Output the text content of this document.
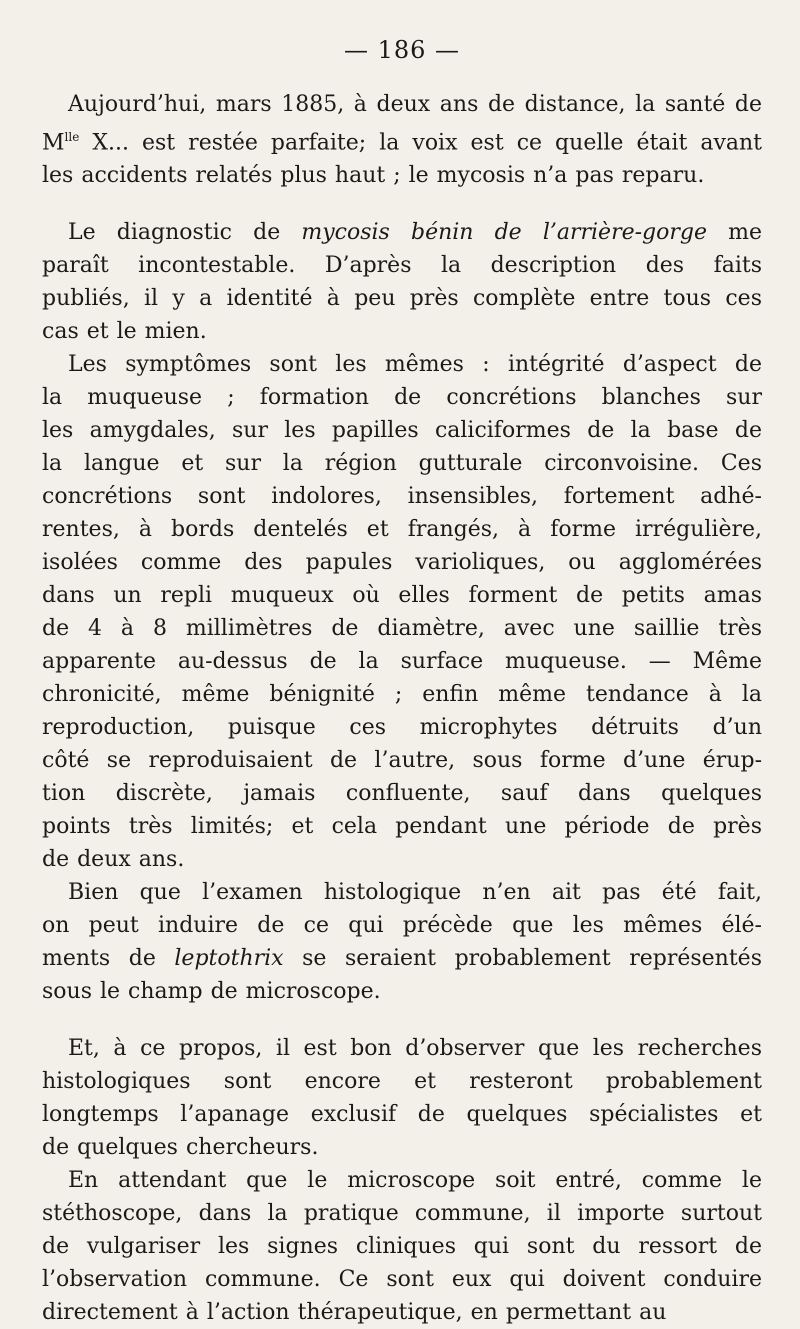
— 186 —
Aujourd’hui, mars 1885, à deux ans de distance, la santé de
$M^{lle}$ X... est restée parfaite; la voix est ce quelle était avant
les accidents relatés plus haut ; le mycosis n’a pas reparu.
Le diagnostic de mycosis bénin de l’arrière-gorge me
paraît incontestable. D’après la description des faits
publiés, il y a identité à peu près complète entre tous ces
cas et le mien.
Les symptômes sont les mêmes : intégrité d’aspect de
la muqueuse ; formation de concrétions blanches sur
les amygdales, sur les papilles caliciformes de la base de
la langue et sur la région gutturale circonvoisine. Ces
concrétions sont indolores, insensibles, fortement adhé-
rentes, à bords dentelés et frangés, à forme irrégulière,
isolées comme des papules varioliques, ou agglomérées
dans un repli muqueux où elles forment de petits amas
de 4 à 8 millimètres de diamètre, avec une saillie très
apparente au-dessus de la surface muqueuse. — Même
chronicité, même bénignité ; enfin même tendance à la
reproduction, puisque ces microphytes détruits d’un
côté se reproduisaient de l’autre, sous forme d’une érup-
tion discrète, jamais confluente, sauf dans quelques
points très limités; et cela pendant une période de près
de deux ans.
Bien que l’examen histologique n’en ait pas été fait,
on peut induire de ce qui précède que les mêmes élé-
ments de leptothrix se seraient probablement représentés
sous le champ de microscope.
Et, à ce propos, il est bon d’observer que les recherches
histologiques sont encore et resteront probablement
longtemps l’apanage exclusif de quelques spécialistes et
de quelques chercheurs.
En attendant que le microscope soit entré, comme le
stéthoscope, dans la pratique commune, il importe surtout
de vulgariser les signes cliniques qui sont du ressort de
l’observation commune. Ce sont eux qui doivent conduire
directement à l’action thérapeutique, en permettant au
